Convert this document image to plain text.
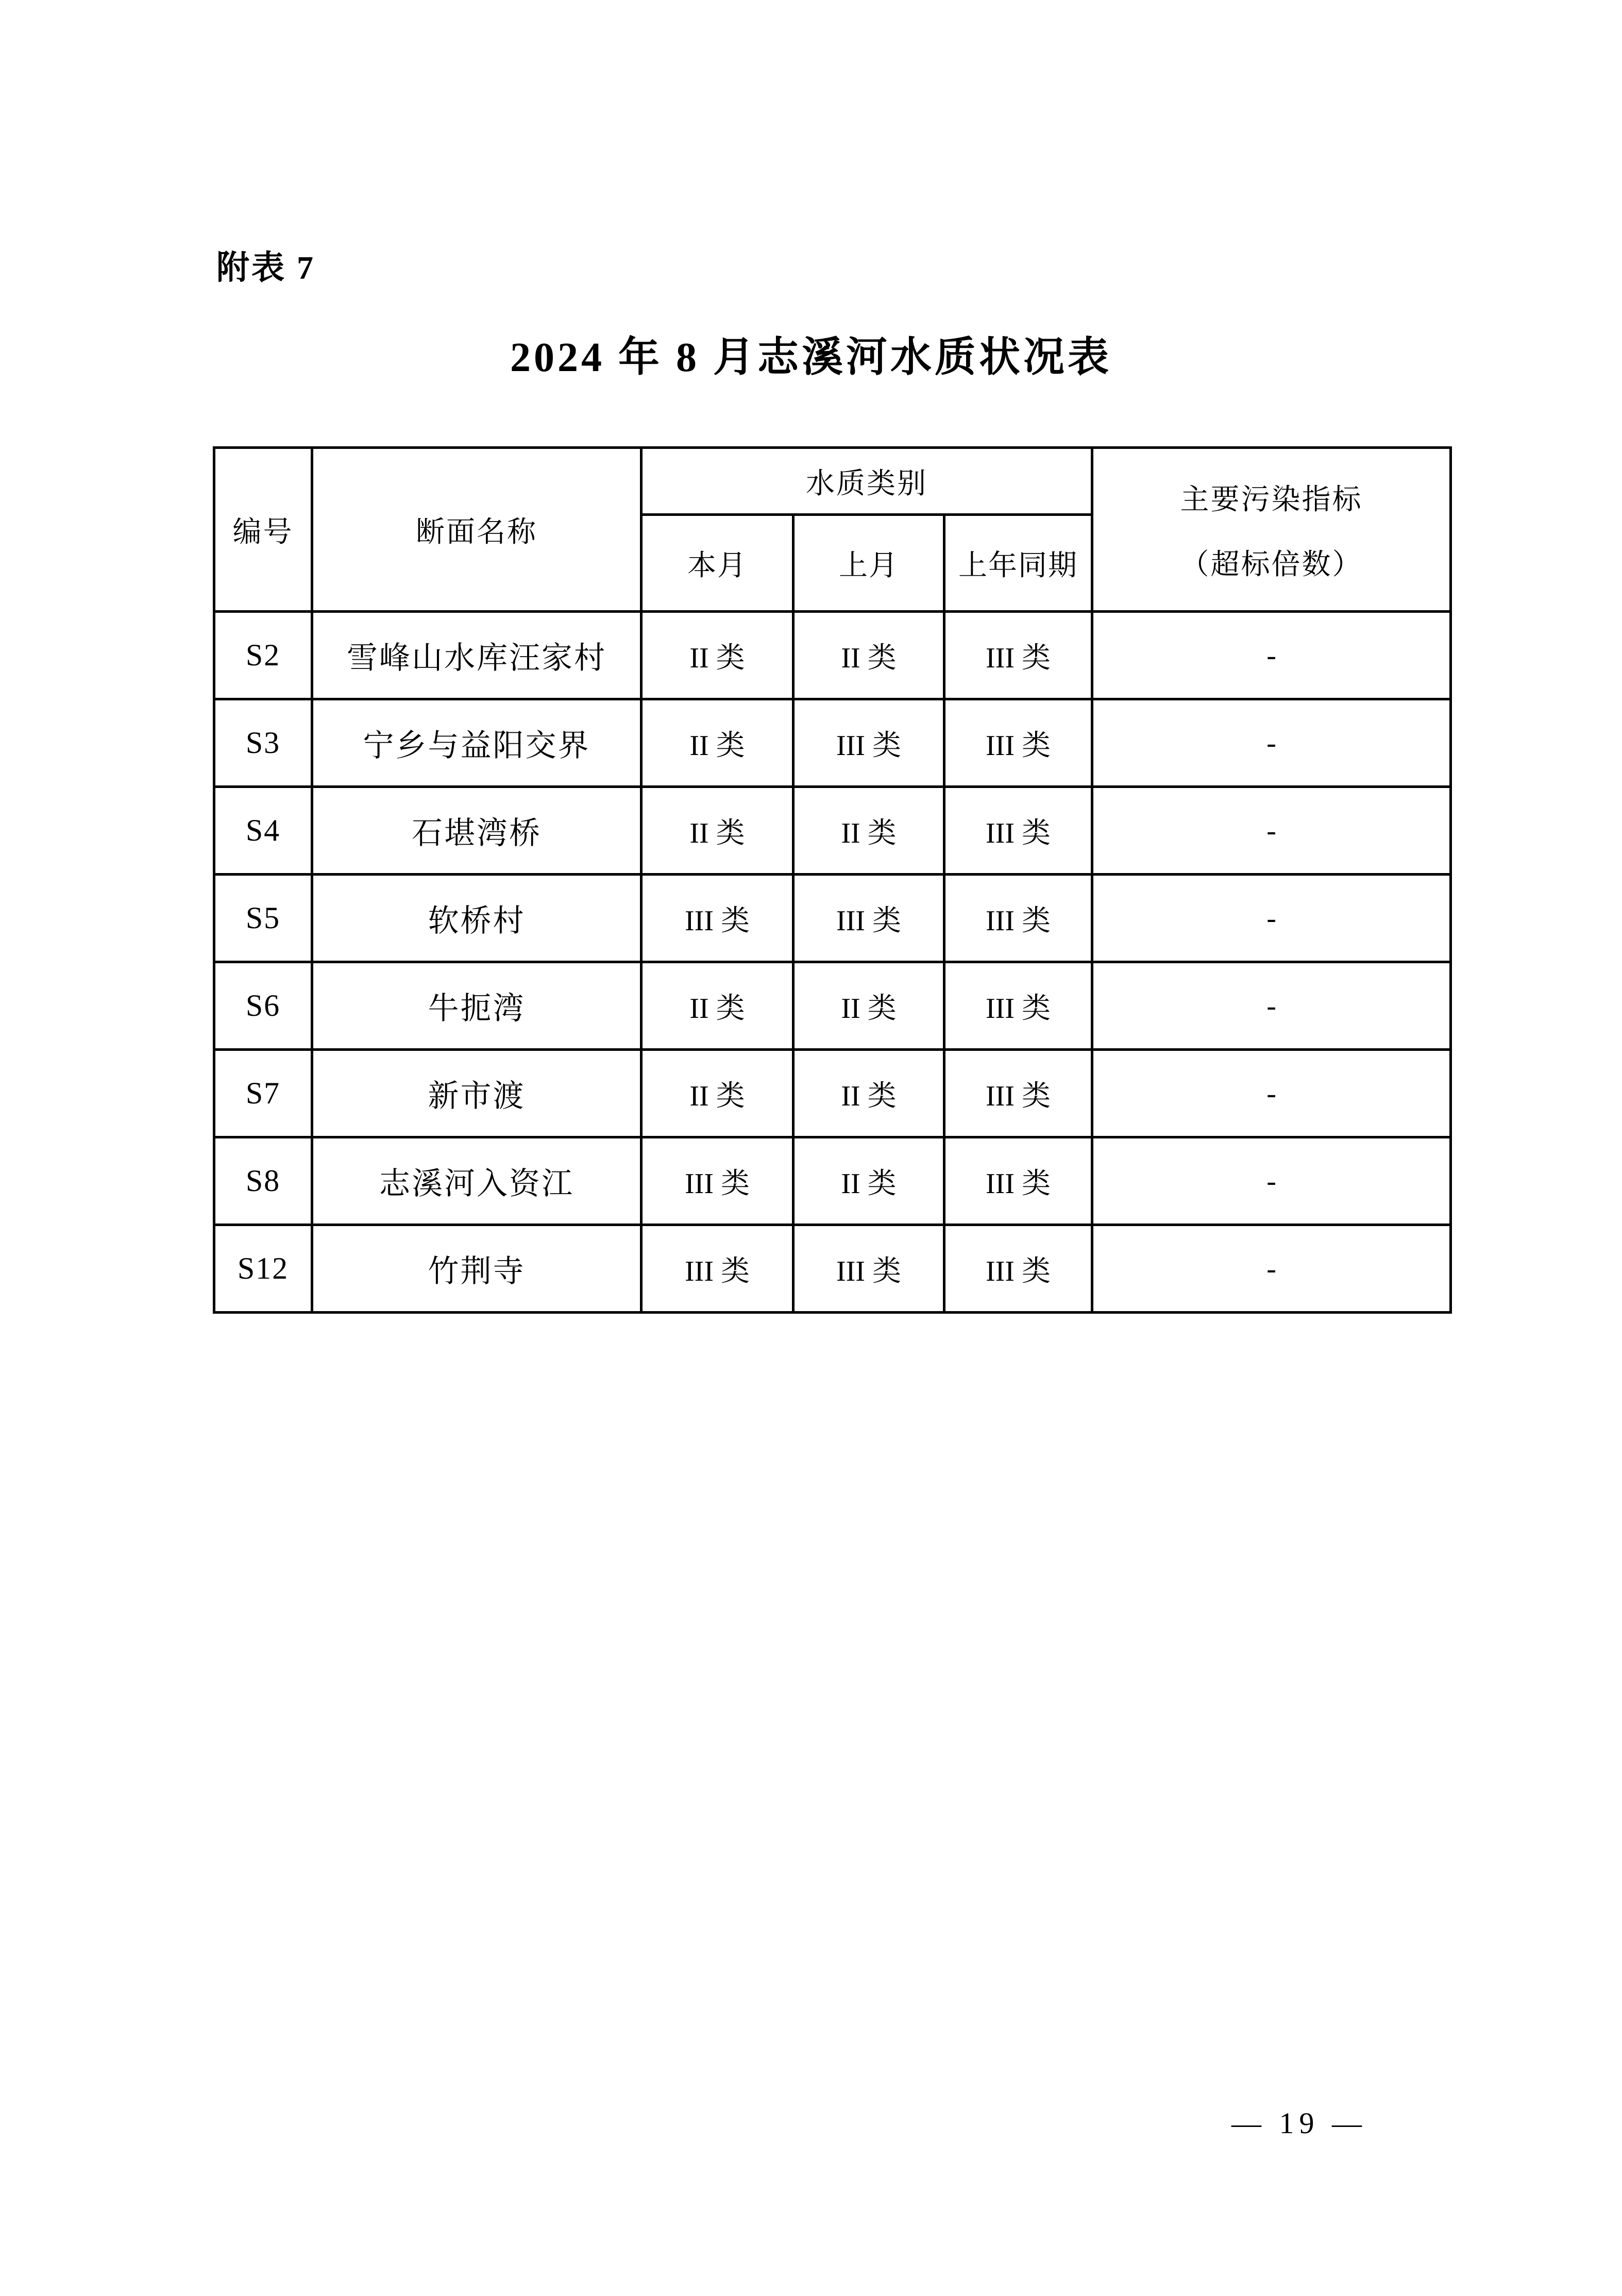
附表 7
2024 年 8 月志溪河水质状况表
编号	断面名称	水质类别			主要污染指标
（超标倍数）

		本月	上月	上年同期	
S2	雪峰山水库汪家村	II 类	II 类	III 类	-
S3	宁乡与益阳交界	II 类	III 类	III 类	-
S4	石堪湾桥	II 类	II 类	III 类	-
S5	软桥村	III 类	III 类	III 类	-
S6	牛扼湾	II 类	II 类	III 类	-
S7	新市渡	II 类	II 类	III 类	-
S8	志溪河入资江	III 类	II 类	III 类	-
S12	竹荆寺	III 类	III 类	III 类	-
— 19 —
